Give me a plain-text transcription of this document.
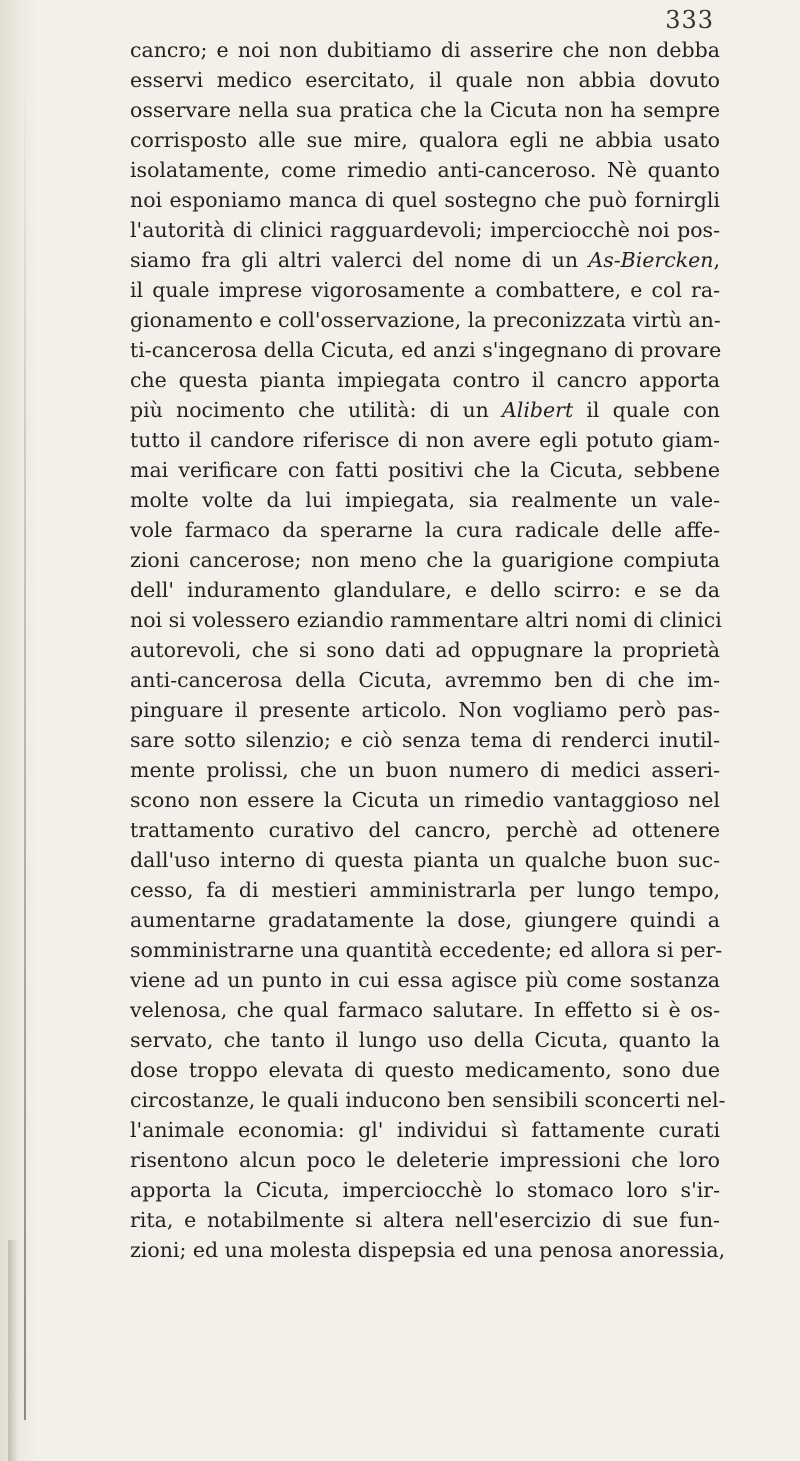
333
cancro; e noi non dubitiamo di asserire che non debba
esservi medico esercitato, il quale non abbia dovuto
osservare nella sua pratica che la Cicuta non ha sempre
corrisposto alle sue mire, qualora egli ne abbia usato
isolatamente, come rimedio anti-canceroso. Nè quanto
noi esponiamo manca di quel sostegno che può fornirgli
l'autorità di clinici ragguardevoli; imperciocchè noi pos-
siamo fra gli altri valerci del nome di un As-Biercken,
il quale imprese vigorosamente a combattere, e col ra-
gionamento e coll'osservazione, la preconizzata virtù an-
ti-cancerosa della Cicuta, ed anzi s'ingegnano di provare
che questa pianta impiegata contro il cancro apporta
più nocimento che utilità: di un Alibert il quale con
tutto il candore riferisce di non avere egli potuto giam-
mai verificare con fatti positivi che la Cicuta, sebbene
molte volte da lui impiegata, sia realmente un vale-
vole farmaco da sperarne la cura radicale delle affe-
zioni cancerose; non meno che la guarigione compiuta
dell' induramento glandulare, e dello scirro: e se da
noi si volessero eziandio rammentare altri nomi di clinici
autorevoli, che si sono dati ad oppugnare la proprietà
anti-cancerosa della Cicuta, avremmo ben di che im-
pinguare il presente articolo. Non vogliamo però pas-
sare sotto silenzio; e ciò senza tema di renderci inutil-
mente prolissi, che un buon numero di medici asseri-
scono non essere la Cicuta un rimedio vantaggioso nel
trattamento curativo del cancro, perchè ad ottenere
dall'uso interno di questa pianta un qualche buon suc-
cesso, fa di mestieri amministrarla per lungo tempo,
aumentarne gradatamente la dose, giungere quindi a
somministrarne una quantità eccedente; ed allora si per-
viene ad un punto in cui essa agisce più come sostanza
velenosa, che qual farmaco salutare. In effetto si è os-
servato, che tanto il lungo uso della Cicuta, quanto la
dose troppo elevata di questo medicamento, sono due
circostanze, le quali inducono ben sensibili sconcerti nel-
l'animale economia: gl' individui sì fattamente curati
risentono alcun poco le deleterie impressioni che loro
apporta la Cicuta, imperciocchè lo stomaco loro s'ir-
rita, e notabilmente si altera nell'esercizio di sue fun-
zioni; ed una molesta dispepsia ed una penosa anoressia,
